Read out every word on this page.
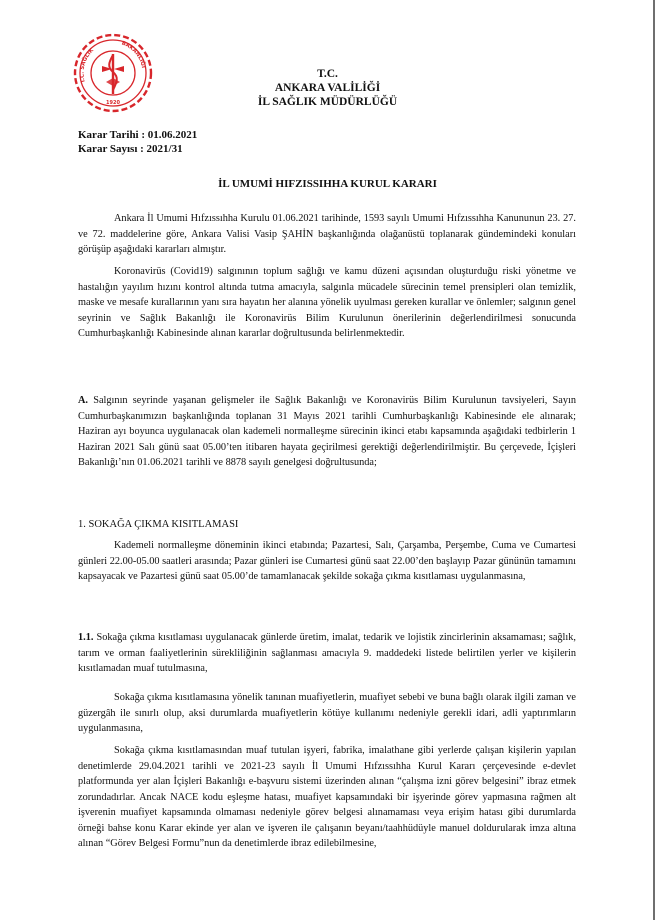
T.C. SAĞLIK
BAKANLIĞI
1920
T.C.
ANKARA VALİLİĞİ
İL SAĞLIK MÜDÜRLÜĞÜ
Karar Tarihi : 01.06.2021
Karar Sayısı : 2021/31
İL UMUMİ HIFZISSIHHA KURUL KARARI
Ankara İl Umumi Hıfzıssıhha Kurulu 01.06.2021 tarihinde, 1593 sayılı Umumi Hıfzıssıhha Kanununun 23. 27. ve 72. maddelerine göre, Ankara Valisi Vasip ŞAHİN başkanlığında olağanüstü toplanarak gündemindeki konuları görüşüp aşağıdaki kararları almıştır.
Koronavirüs (Covid19) salgınının toplum sağlığı ve kamu düzeni açısından oluşturduğu riski yönetme ve hastalığın yayılım hızını kontrol altında tutma amacıyla, salgınla mücadele sürecinin temel prensipleri olan temizlik, maske ve mesafe kurallarının yanı sıra hayatın her alanına yönelik uyulması gereken kurallar ve önlemler; salgının genel seyrinin ve Sağlık Bakanlığı ile Koronavirüs Bilim Kurulunun önerilerinin değerlendirilmesi sonucunda Cumhurbaşkanlığı Kabinesinde alınan kararlar doğrultusunda belirlenmektedir.
A. Salgının seyrinde yaşanan gelişmeler ile Sağlık Bakanlığı ve Koronavirüs Bilim Kurulunun tavsiyeleri, Sayın Cumhurbaşkanımızın başkanlığında toplanan 31 Mayıs 2021 tarihli Cumhurbaşkanlığı Kabinesinde ele alınarak; Haziran ayı boyunca uygulanacak olan kademeli normalleşme sürecinin ikinci etabı kapsamında aşağıdaki tedbirlerin 1 Haziran 2021 Salı günü saat 05.00’ten itibaren hayata geçirilmesi gerektiği değerlendirilmiştir. Bu çerçevede, İçişleri Bakanlığı’nın 01.06.2021 tarihli ve 8878 sayılı genelgesi doğrultusunda;
1. SOKAĞA ÇIKMA KISITLAMASI
Kademeli normalleşme döneminin ikinci etabında; Pazartesi, Salı, Çarşamba, Perşembe, Cuma ve Cumartesi günleri 22.00-05.00 saatleri arasında; Pazar günleri ise Cumartesi günü saat 22.00’den başlayıp Pazar gününün tamamını kapsayacak ve Pazartesi günü saat 05.00’de tamamlanacak şekilde sokağa çıkma kısıtlaması uygulanmasına,
1.1. Sokağa çıkma kısıtlaması uygulanacak günlerde üretim, imalat, tedarik ve lojistik zincirlerinin aksamaması; sağlık, tarım ve orman faaliyetlerinin sürekliliğinin sağlanması amacıyla 9. maddedeki listede belirtilen yerler ve kişilerin kısıtlamadan muaf tutulmasına,
Sokağa çıkma kısıtlamasına yönelik tanınan muafiyetlerin, muafiyet sebebi ve buna bağlı olarak ilgili zaman ve güzergâh ile sınırlı olup, aksi durumlarda muafiyetlerin kötüye kullanımı nedeniyle gerekli idari, adli yaptırımların uygulanmasına,
Sokağa çıkma kısıtlamasından muaf tutulan işyeri, fabrika, imalathane gibi yerlerde çalışan kişilerin yapılan denetimlerde 29.04.2021 tarihli ve 2021-23 sayılı İl Umumi Hıfzıssıhha Kurul Kararı çerçevesinde e-devlet platformunda yer alan İçişleri Bakanlığı e-başvuru sistemi üzerinden alınan “çalışma izni görev belgesini” ibraz etmek zorundadırlar. Ancak NACE kodu eşleşme hatası, muafiyet kapsamındaki bir işyerinde görev yapmasına rağmen alt işverenin muafiyet kapsamında olmaması nedeniyle görev belgesi alınamaması veya erişim hatası gibi durumlarda örneği bahse konu Karar ekinde yer alan ve işveren ile çalışanın beyanı/taahhüdüyle manuel doldurularak imza altına alınan “Görev Belgesi Formu”nun da denetimlerde ibraz edilebilmesine,
